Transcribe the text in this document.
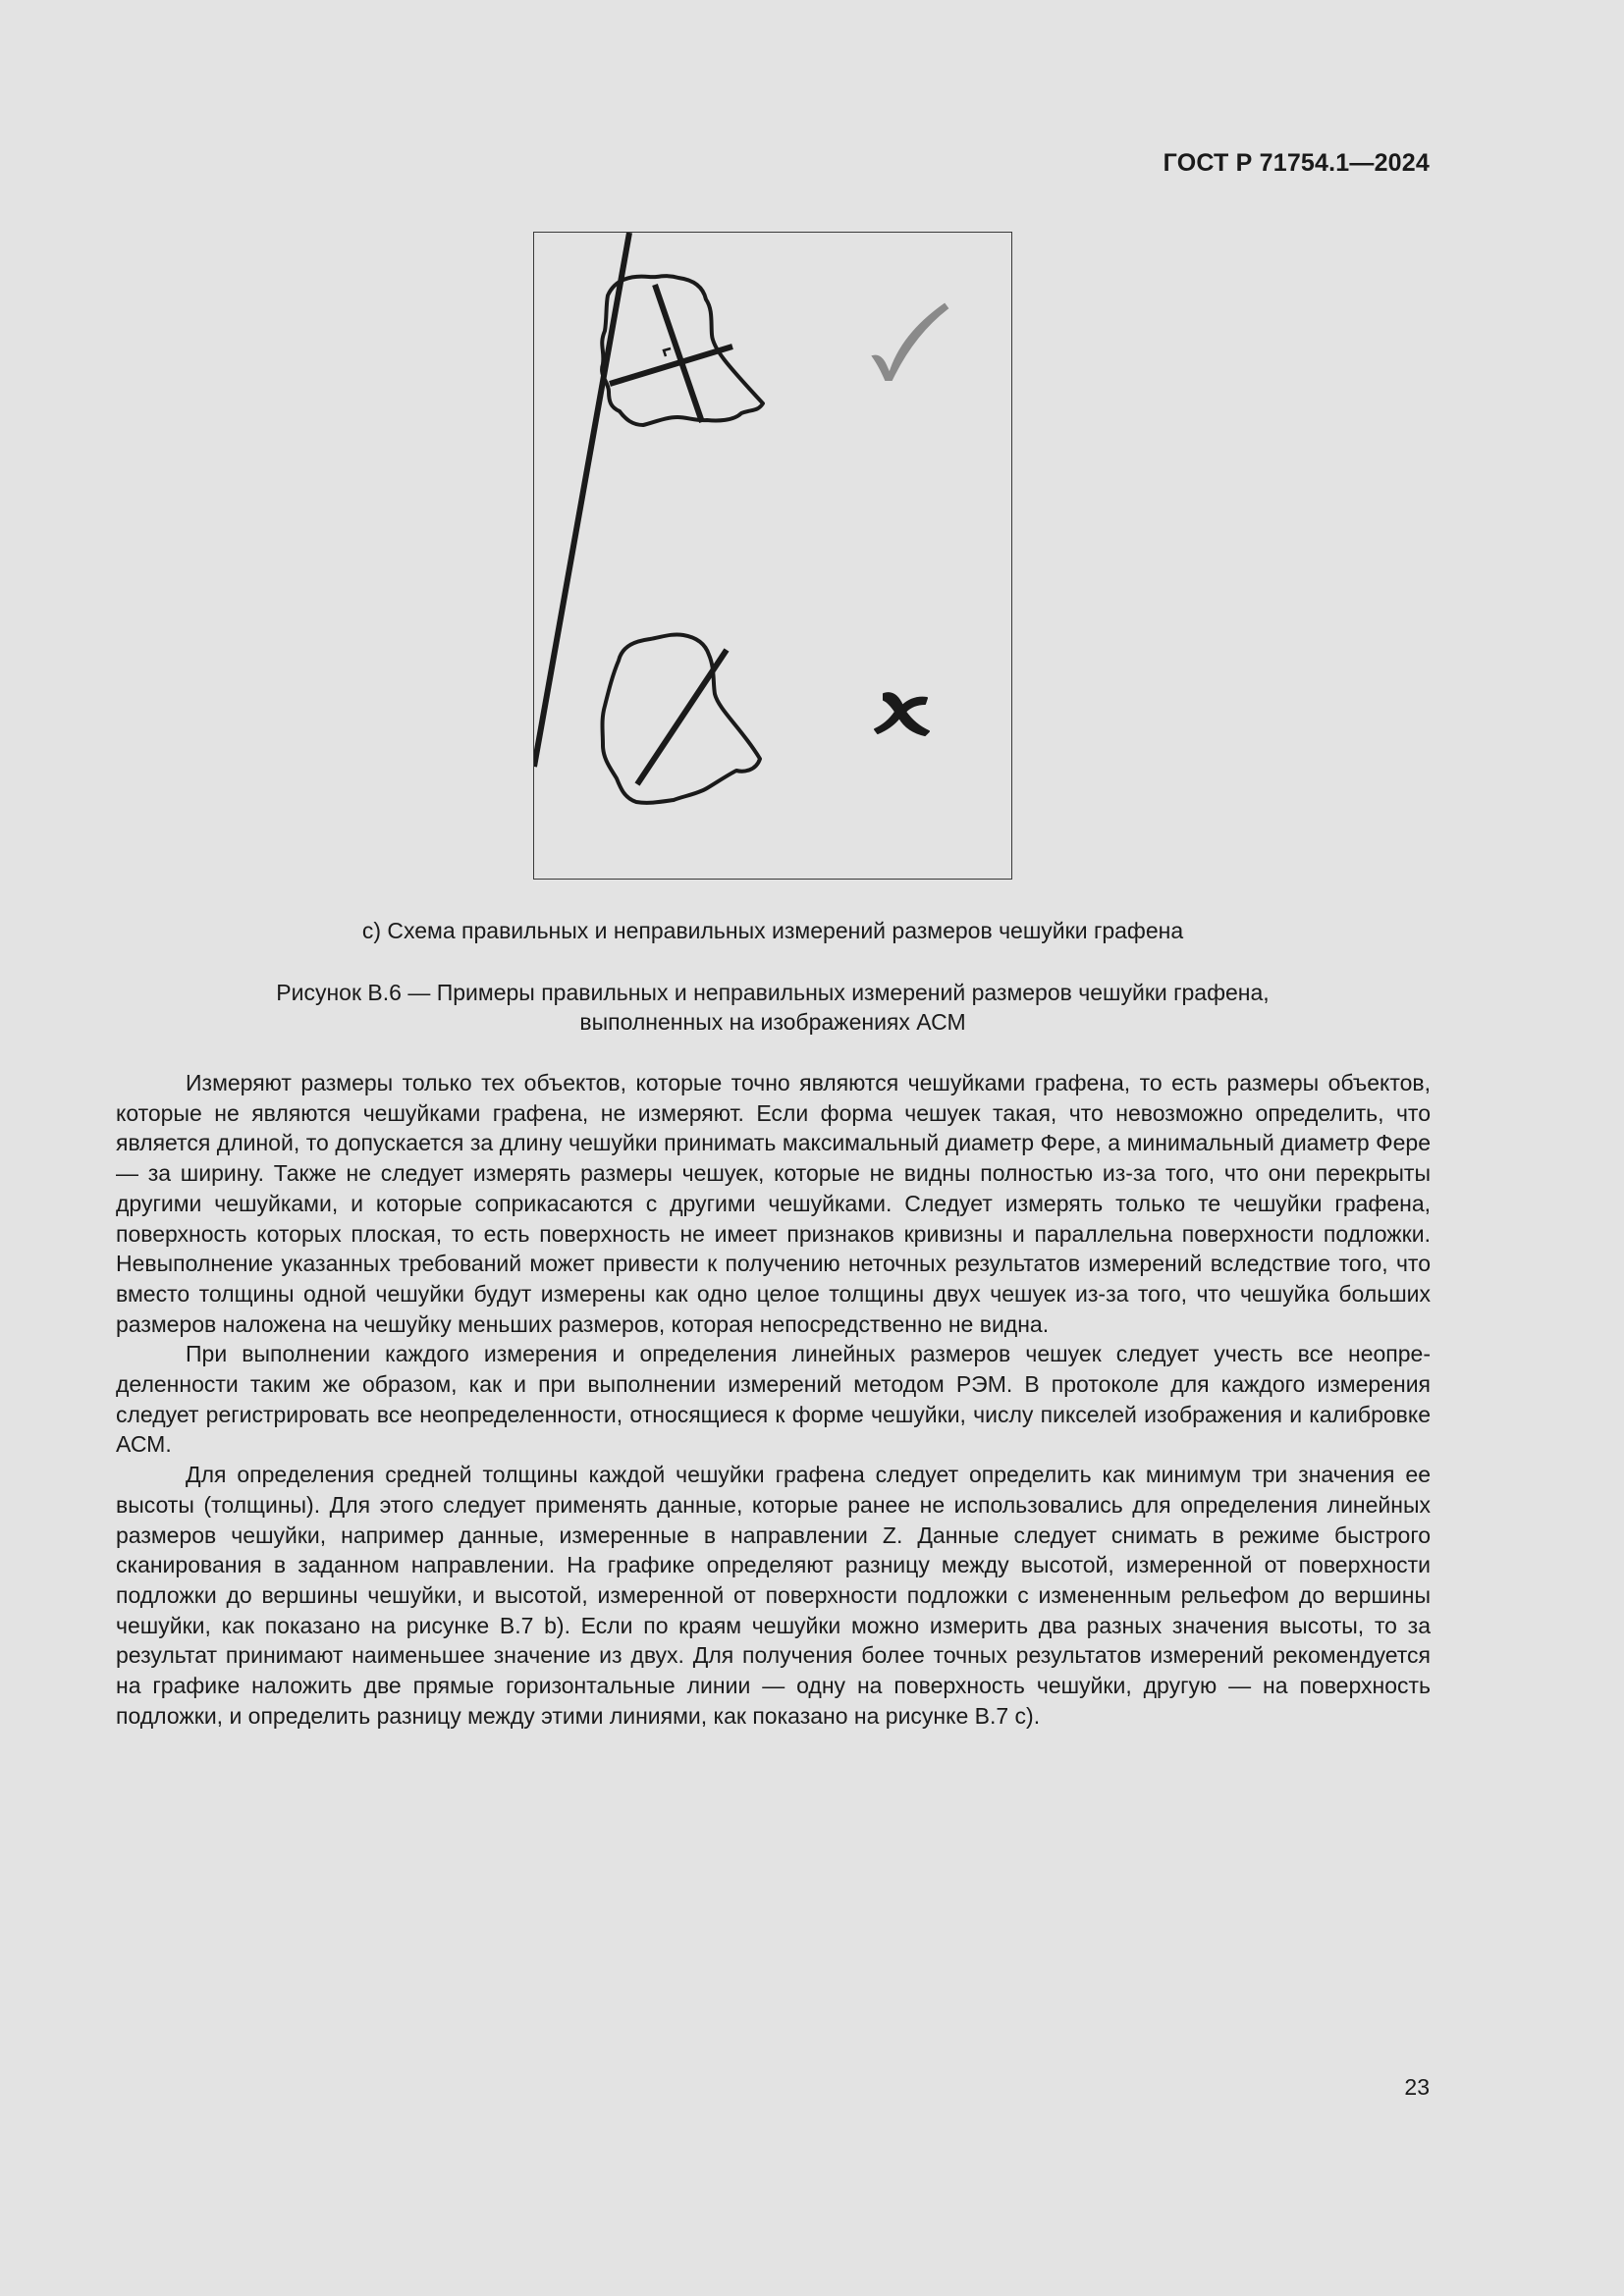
ГОСТ Р 71754.1—2024
c) Схема правильных и неправильных измерений размеров чешуйки графена
Рисунок В.6 — Примеры правильных и неправильных измерений размеров чешуйки графена,
выполненных на изображениях АСМ

Измеряют размеры только тех объектов, которые точно являются чешуйками графена, то есть размеры объектов, которые не являются чешуйками графена, не измеряют. Если форма чешуек такая, что невозможно определить, что является длиной, то допускается за длину чешуйки принимать максимальный диаметр Фере, а минимальный диаметр Фере — за ширину. Также не следует измерять размеры чешуек, которые не видны полностью из-за того, что они перекрыты другими чешуйками, и которые соприкасаются с другими чешуйками. Следует измерять только те чешуйки графена, поверхность которых плоская, то есть поверхность не имеет признаков кривизны и параллельна поверхности подложки. Невыполнение указанных требований может привести к получению неточных результатов измерений вследствие того, что вместо толщины одной чешуйки будут измерены как одно целое толщины двух чешуек из-за того, что чешуйка больших размеров наложена на чешуйку меньших размеров, которая непосредственно не видна.

При выполнении каждого измерения и определения линейных размеров чешуек следует учесть все неопределенности таким же образом, как и при выполнении измерений методом РЭМ. В протоколе для каждого измерения следует регистрировать все неопределенности, относящиеся к форме чешуйки, числу пикселей изображения и калибровке АСМ.

Для определения средней толщины каждой чешуйки графена следует определить как минимум три значения ее высоты (толщины). Для этого следует применять данные, которые ранее не использовались для определения линейных размеров чешуйки, например данные, измеренные в направлении Z. Данные следует снимать в режиме быстрого сканирования в заданном направлении. На графике определяют разницу между высотой, измеренной от поверхности подложки до вершины чешуйки, и высотой, измеренной от поверхности подложки с измененным рельефом до вершины чешуйки, как показано на рисунке В.7 b). Если по краям чешуйки можно измерить два разных значения высоты, то за результат принимают наименьшее значение из двух. Для получения более точных результатов измерений рекомендуется на графике наложить две прямые горизонтальные линии — одну на поверхность чешуйки, другую — на поверхность подложки, и определить разницу между этими линиями, как показано на рисунке В.7 c).

23
